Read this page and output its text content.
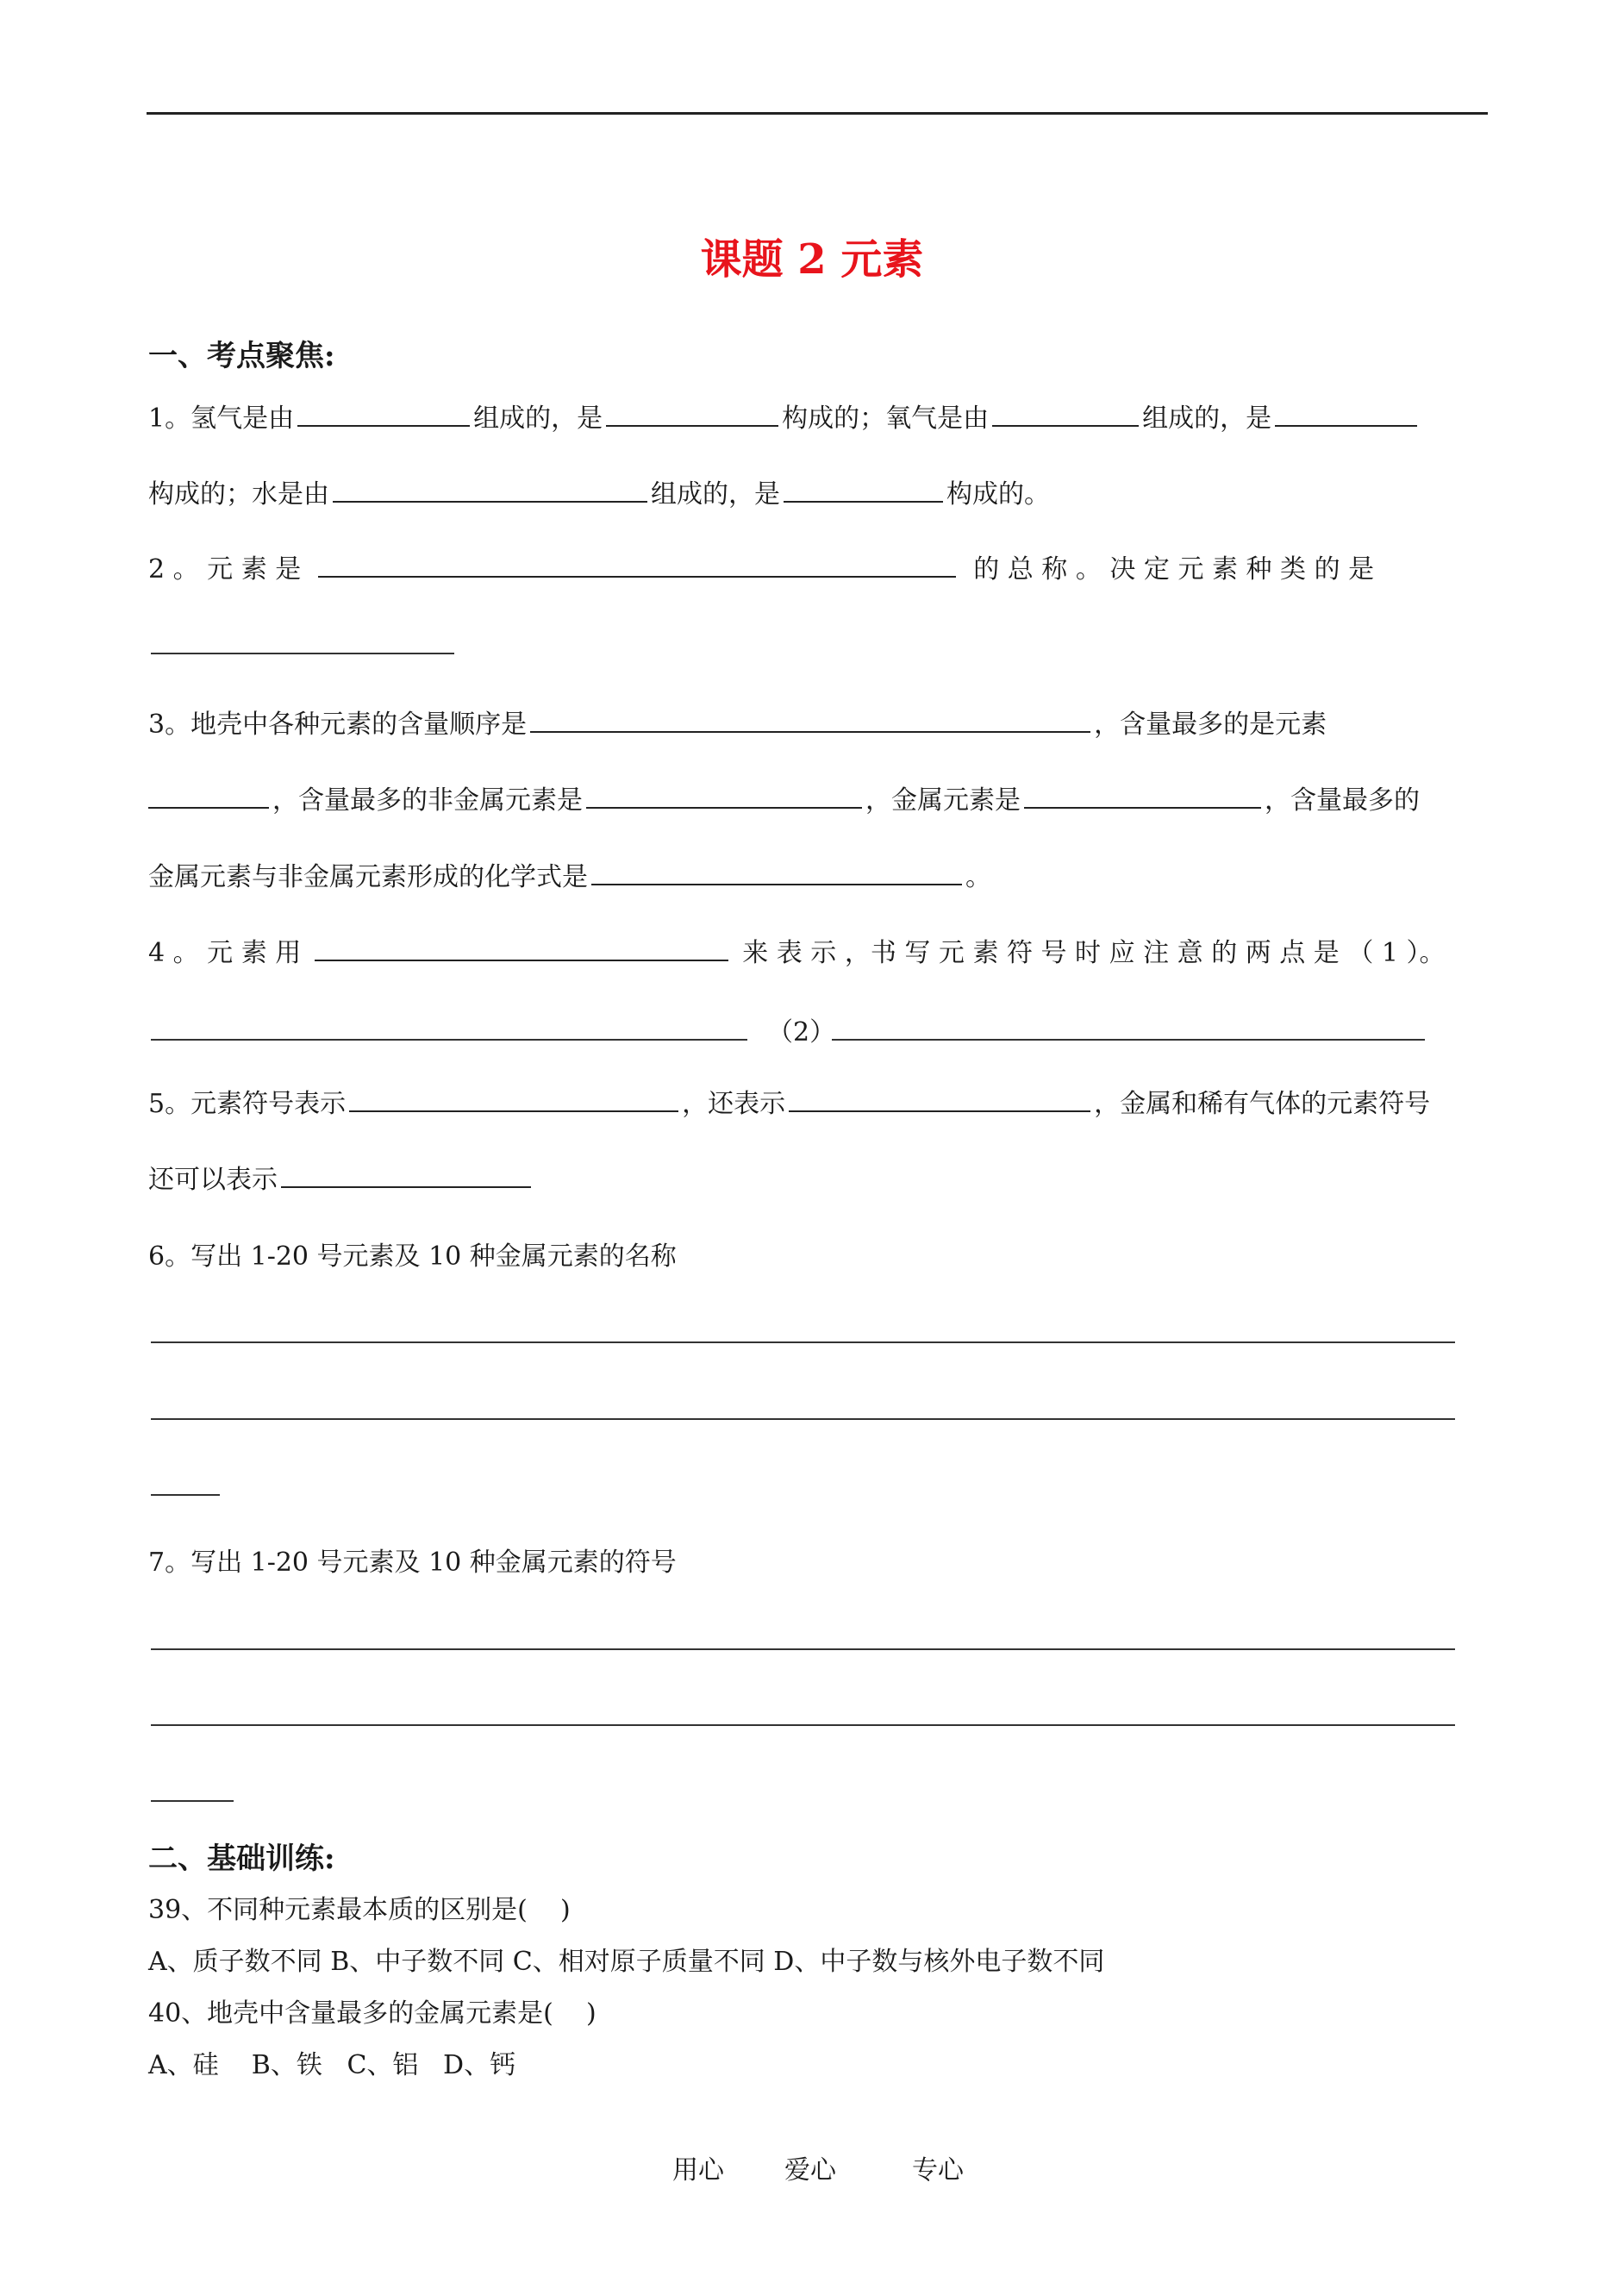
课题 2 元素
一、考点聚焦:
1。氢气是由	组成的，是	构成的；氧气是由	组成的，是
构成的；水是由	组成的，是	构成的。
2 。 元 素 是	的 总 称 。 决 定 元 素 种 类 的 是
3。地壳中各种元素的含量顺序是	，含量最多的是元素
，含量最多的非金属元素是	，金属元素是	，含量最多的
金属元素与非金属元素形成的化学式是	。
4 。 元 素 用	来 表 示 ，书 写 元 素 符 号 时 应 注 意 的 两 点 是 （ 1 ）。
（2）
5。元素符号表示	，还表示	，金属和稀有气体的元素符号
还可以表示
6。写出 1-20 号元素及 10 种金属元素的名称
7。写出 1-20 号元素及 10 种金属元素的符号
二、基础训练:
39、不同种元素最本质的区别是(    )
A、质子数不同 B、中子数不同 C、相对原子质量不同 D、中子数与核外电子数不同
40、地壳中含量最多的金属元素是(    )
A、硅    B、铁   C、铝   D、钙
用心 爱心	专心
